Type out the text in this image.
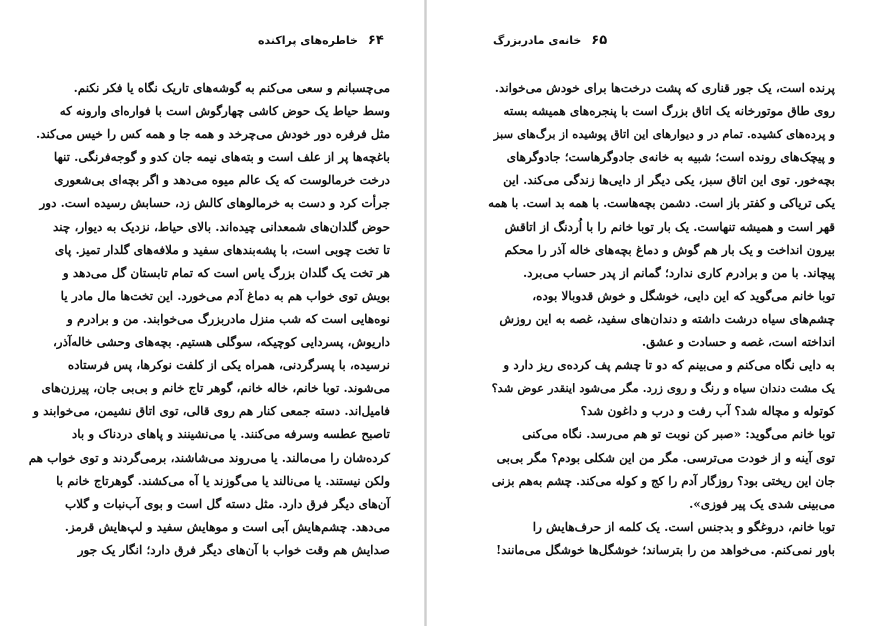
۶۴
خاطره‌های پراکنده
می‌چسبانم و سعی می‌کنم به گوشه‌های تاریک نگاه یا فکر نکنم.
وسط حیاط یک حوض کاشی چهارگوش است با فواره‌ای وارونه که
مثل فرفره دور خودش می‌چرخد و همه جا و همه کس را خیس می‌کند.
باغچه‌ها پر از علف است و بته‌های نیمه جان کدو و گوجه‌فرنگی. تنها
درخت خرمالوست که یک عالم میوه می‌دهد و اگر بچه‌ای بی‌شعوری
جرأت کرد و دست به خرمالوهای کالش زد، حسابش رسیده است. دور
حوض گلدان‌های شمعدانی چیده‌اند. بالای حیاط، نزدیک به دیوار، چند
تا تخت چوبی است، با پشه‌بندهای سفید و ملافه‌های گلدار تمیز. پای
هر تخت یک گلدان بزرگ یاس است که تمام تابستان گل می‌دهد و
بویش توی خواب هم به دماغ آدم می‌خورد. این تخت‌ها مال مادر یا
نوه‌هایی است که شب منزل مادربزرگ می‌خوابند. من و برادرم و
داریوش، پسردایی کوچیکه، سوگلی هستیم. بچه‌های وحشی خاله‌آذر،
نرسیده، با پسرگردنی، همراه یکی از کلفت نوکرها، پس فرستاده
می‌شوند. توبا خانم، خاله خانم، گوهر تاج خانم و بی‌بی جان، پیرزن‌های
فامیل‌اند. دسته جمعی کنار هم روی قالی، توی اتاق نشیمن، می‌خوابند و
تاصبح عطسه وسرفه می‌کنند. یا می‌نشینند و پاهای دردناک و باد
کرده‌شان را می‌مالند. یا می‌روند می‌شاشند، برمی‌گردند و توی خواب هم
ولکن نیستند. یا می‌نالند یا می‌گوزند یا آه می‌کشند. گوهرتاج خانم با
آن‌های دیگر فرق دارد. مثل دسته گل است و بوی آب‌نبات و گلاب
می‌دهد. چشم‌هایش آبی است و موهایش سفید و لپ‌هایش قرمز.
صدایش هم وقت خواب با آن‌های دیگر فرق دارد؛ انگار یک جور
۶۵
خانه‌ی مادربزرگ
پرنده است، یک جور قناری که پشت درخت‌ها برای خودش می‌خواند.
روی طاق موتورخانه یک اتاق بزرگ است با پنجره‌های همیشه بسته
و پرده‌های کشیده. تمام در و دیوارهای این اتاق پوشیده از برگ‌های سبز
و پیچک‌های رونده است؛ شبیه به خانه‌ی جادوگرهاست؛ جادوگرهای
بچه‌خور. توی این اتاق سبز، یکی دیگر از دایی‌ها زندگی می‌کند. این
یکی تریاکی و کفتر باز است. دشمن بچه‌هاست. با همه بد است. با همه
قهر است و همیشه تنهاست. یک بار توبا خانم را با اُردنگ از اتاقش
بیرون انداخت و یک بار هم گوش و دماغ بچه‌های خاله آذر را محکم
پیچاند. با من و برادرم کاری ندارد؛ گمانم از پدر حساب می‌برد.
توبا خانم می‌گوید که این دایی، خوشگل و خوش قدوبالا بوده،
چشم‌های سیاه درشت داشته و دندان‌های سفید، غصه به این روزش
انداخته است، غصه و حسادت و عشق.
به دایی نگاه می‌کنم و می‌بینم که دو تا چشم پف کرده‌ی ریز دارد و
یک مشت دندان سیاه و رنگ و روی زرد. مگر می‌شود اینقدر عوض شد؟
کوتوله و مچاله شد؟ آب رفت و درب و داغون شد؟
توبا خانم می‌گوید: «صبر کن نوبت تو هم می‌رسد. نگاه می‌کنی
توی آینه و از خودت می‌ترسی. مگر من این شکلی بودم؟ مگر بی‌بی
جان این ریختی بود؟ روزگار آدم را کج و کوله می‌کند. چشم به‌هم بزنی
می‌بینی شدی یک پیر فوزی».
توبا خانم، دروغگو و بدجنس است. یک کلمه از حرف‌هایش را
باور نمی‌کنم. می‌خواهد من را بترساند؛ خوشگل‌ها خوشگل می‌مانند!
